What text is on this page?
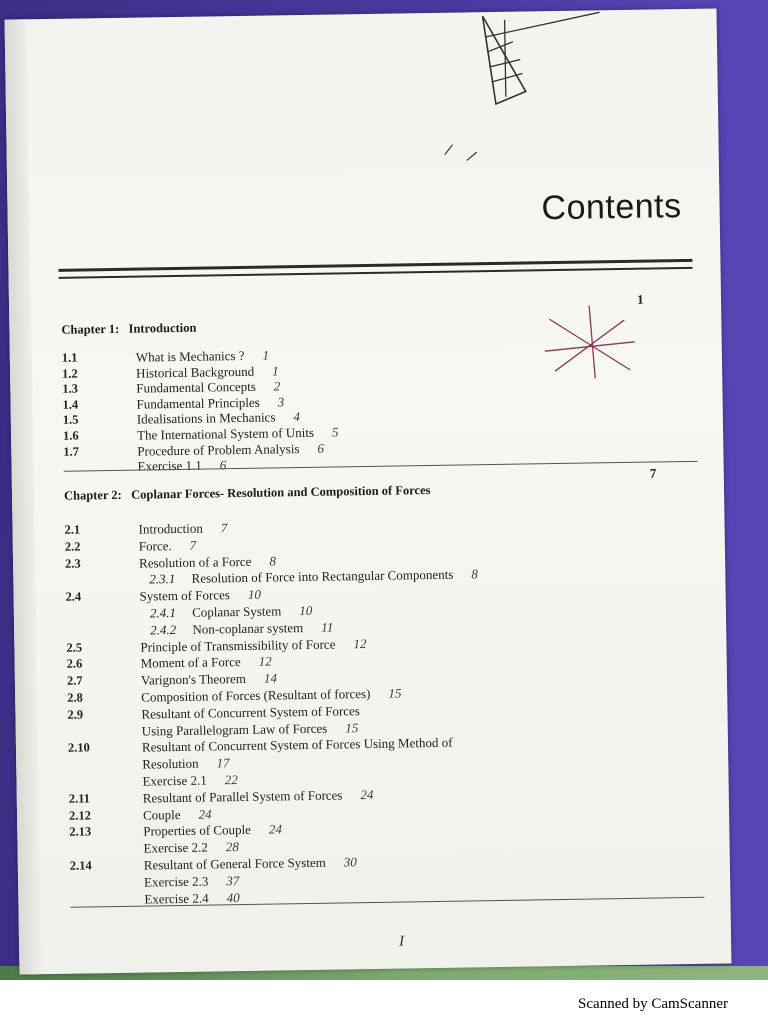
Contents
Chapter 1: Introduction
1
1.1	What is Mechanics ? 1
1.2	Historical Background 1
1.3	Fundamental Concepts 2
1.4	Fundamental Principles 3
1.5	Idealisations in Mechanics 4
1.6	The International System of Units 5
1.7	Procedure of Problem Analysis 6
Exercise 1.1 6
Chapter 2: Coplanar Forces- Resolution and Composition of Forces
7
2.1	Introduction 7
2.2	Force. 7
2.3	Resolution of a Force 8
2.3.1 Resolution of Force into Rectangular Components 8
2.4	System of Forces 10
2.4.1 Coplanar System 10
2.4.2 Non-coplanar system 11
2.5	Principle of Transmissibility of Force 12
2.6	Moment of a Force 12
2.7	Varignon's Theorem 14
2.8	Composition of Forces (Resultant of forces) 15
2.9	Resultant of Concurrent System of Forces
Using Parallelogram Law of Forces 15
2.10	Resultant of Concurrent System of Forces Using Method of
Resolution 17
Exercise 2.1 22
2.11	Resultant of Parallel System of Forces 24
2.12	Couple 24
2.13	Properties of Couple 24
Exercise 2.2 28
2.14	Resultant of General Force System 30
Exercise 2.3 37
Exercise 2.4 40
I
Scanned by CamScanner
